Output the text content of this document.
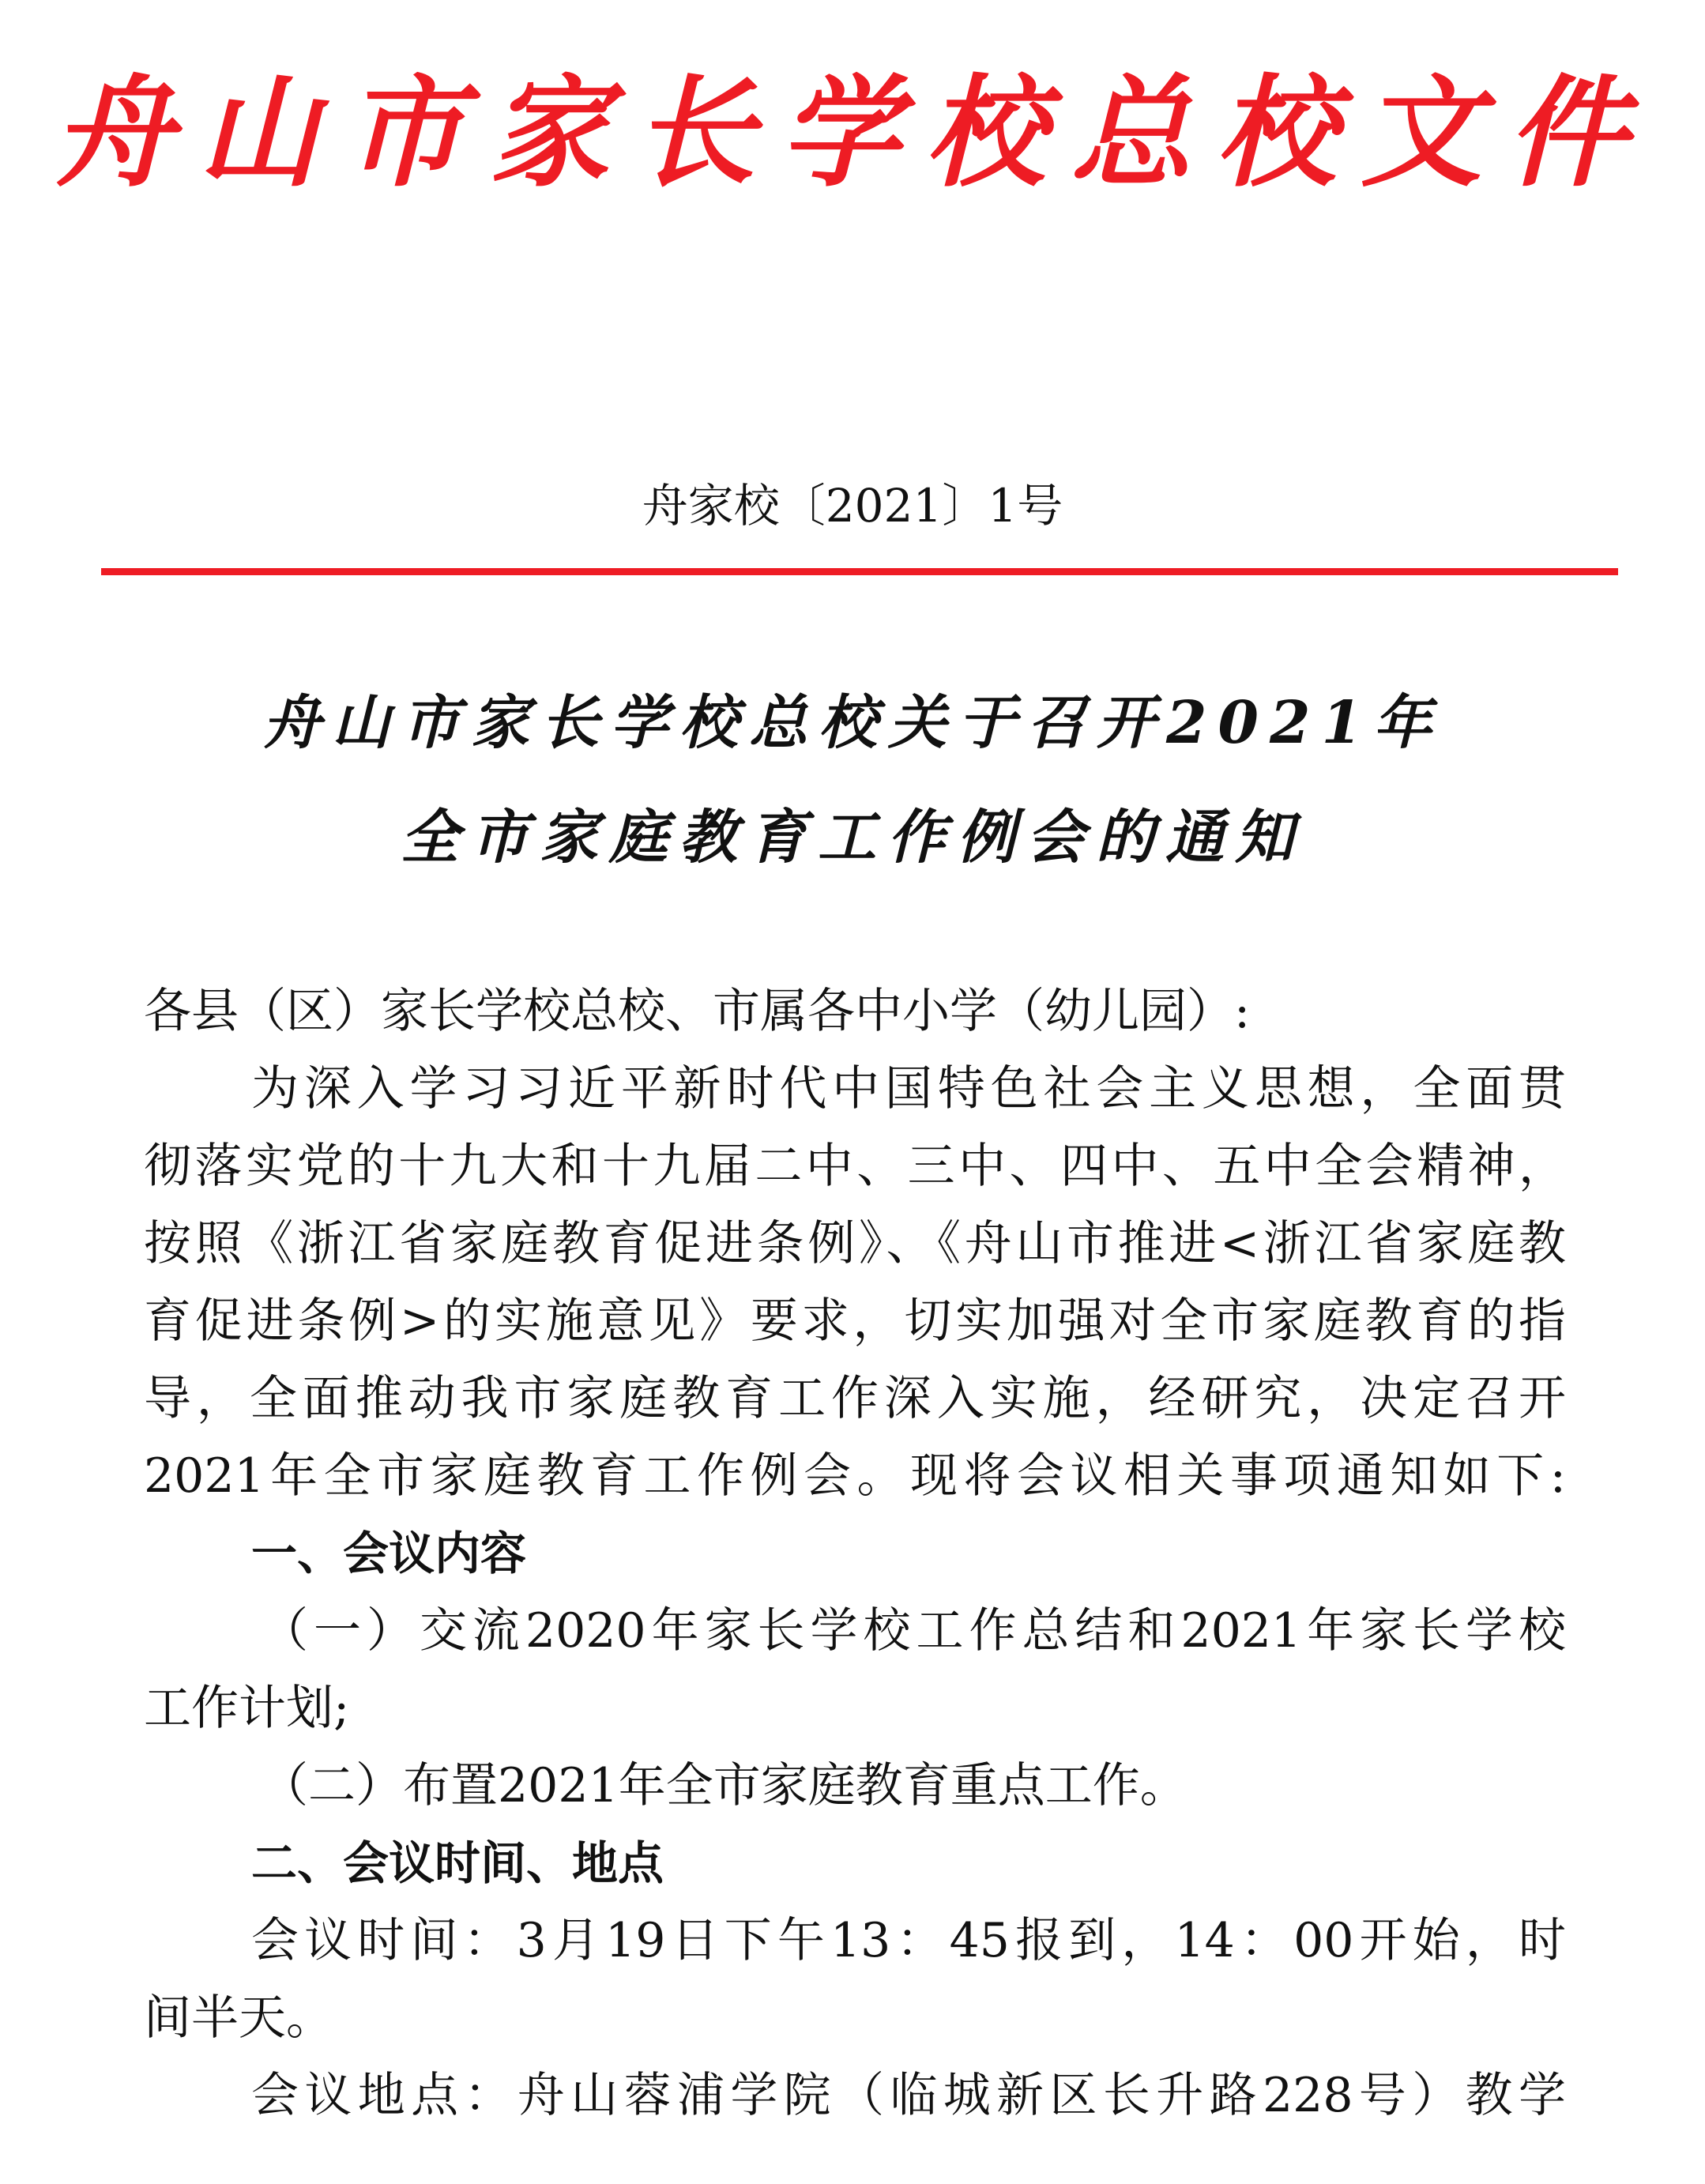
舟山市家长学校总校文件
舟家校〔2021〕1号
舟山市家长学校总校关于召开2021年
全市家庭教育工作例会的通知
各县（区）家长学校总校、市属各中小学（幼儿园）:
为深入学习习近平新时代中国特色社会主义思想，全面贯
彻落实党的十九大和十九届二中、三中、四中、五中全会精神，
按照《浙江省家庭教育促进条例》、《舟山市推进<浙江省家庭教
育促进条例>的实施意见》要求，切实加强对全市家庭教育的指
导，全面推动我市家庭教育工作深入实施，经研究，决定召开
2021年全市家庭教育工作例会。现将会议相关事项通知如下:
一、会议内容
（一）交流2020年家长学校工作总结和2021年家长学校
工作计划;
（二）布置2021年全市家庭教育重点工作。
二、会议时间、地点
会议时间：3月19日下午13：45报到，14：00开始，时
间半天。
会议地点：舟山蓉浦学院（临城新区长升路228号）教学
